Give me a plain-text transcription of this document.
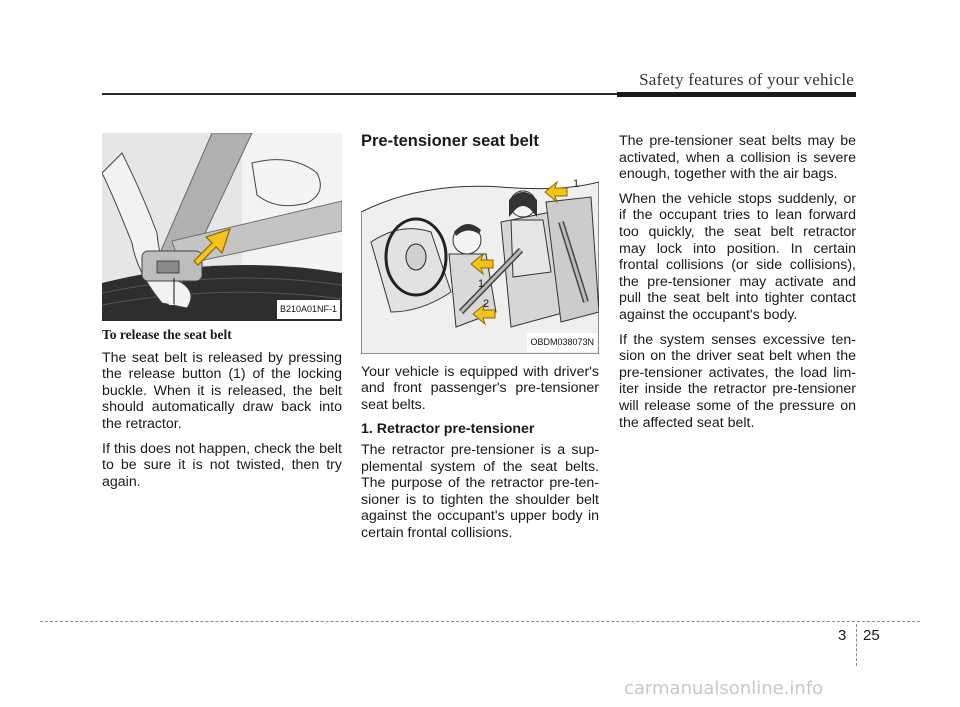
Safety features of your vehicle
1
B210A01NF-1
To release the seat belt

The seat belt is released by pressing the release button (1) of the locking buckle. When it is released, the belt should automatically draw back into the retractor.

If this does not happen, check the belt to be sure it is not twisted, then try again.

Pre-tensioner seat belt
1
1
2
OBDM038073N

Your vehicle is equipped with driver's and front passenger's pre-tensioner seat belts.

1. Retractor pre-tensioner

The retractor pre-tensioner is a sup-plemental system of the seat belts. The purpose of the retractor pre-ten-sioner is to tighten the shoulder belt against the occupant's upper body in certain frontal collisions.

The pre-tensioner seat belts may be activated, when a collision is severe enough, together with the air bags.

When the vehicle stops suddenly, or if the occupant tries to lean forward too quickly, the seat belt retractor may lock into position. In certain frontal collisions (or side collisions), the pre-tensioner may activate and pull the seat belt into tighter contact against the occupant's body.

If the system senses excessive ten-sion on the driver seat belt when the pre-tensioner activates, the load lim-iter inside the retractor pre-tensioner will release some of the pressure on the affected seat belt.

3 25
carmanualsonline.info
